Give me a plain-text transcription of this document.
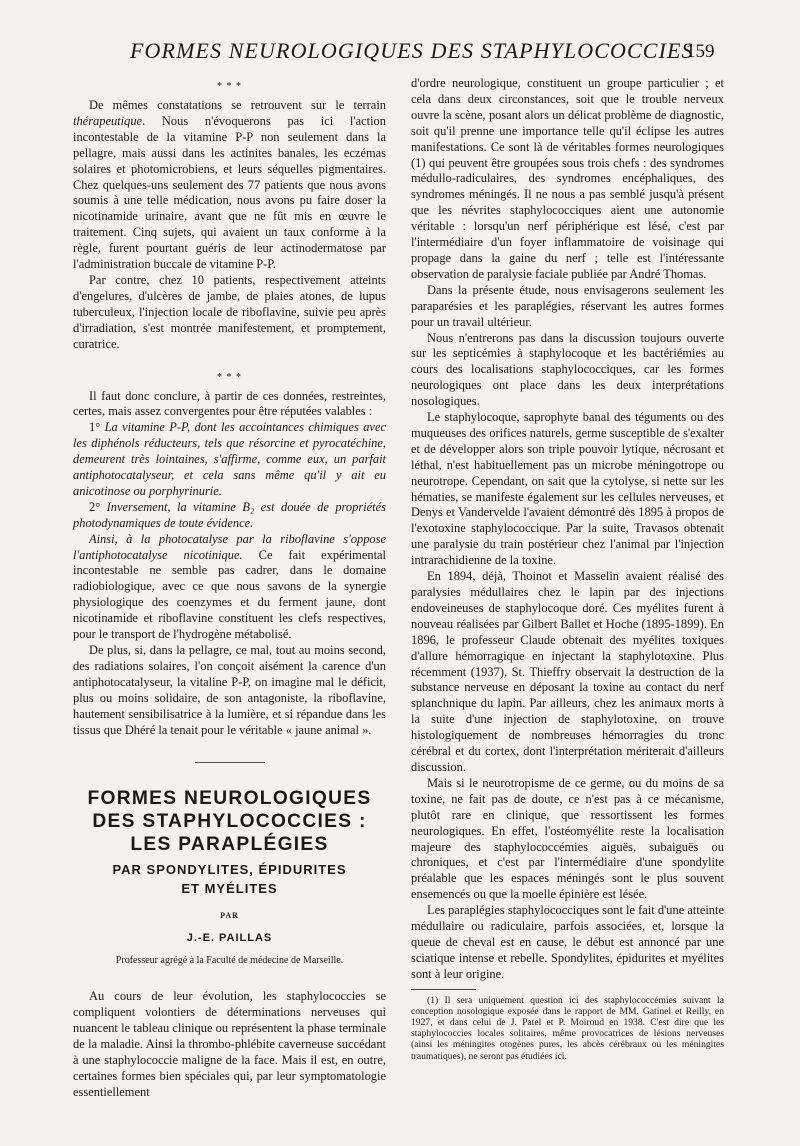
FORMES NEUROLOGIQUES DES STAPHYLOCOCCIES
159
* * *

De mêmes constatations se retrouvent sur le terrain thérapeutique. Nous n'évoquerons pas ici l'action incontestable de la vitamine P-P non seulement dans la pellagre, mais aussi dans les actinites banales, les eczémas solaires et photomicrobiens, et leurs séquelles pigmentaires. Chez quelques-uns seulement des 77 patients que nous avons soumis à une telle médication, nous avons pu faire doser la nicotinamide urinaire, avant que ne fût mis en œuvre le traitement. Cinq sujets, qui avaient un taux conforme à la règle, furent pourtant guéris de leur actinodermatose par l'administration buccale de vitamine P-P.

Par contre, chez 10 patients, respectivement atteints d'engelures, d'ulcères de jambe, de plaies atones, de lupus tuberculeux, l'injection locale de riboflavine, suivie peu après d'irradiation, s'est montrée manifestement, et promptement, curatrice.

* * *

Il faut donc conclure, à partir de ces données, restreintes, certes, mais assez convergentes pour être réputées valables :

1° La vitamine P-P, dont les accointances chimiques avec les diphénols réducteurs, tels que résorcine et pyrocatéchine, demeurent très lointaines, s'affirme, comme eux, un parfait antiphotocatalyseur, et cela sans même qu'il y ait eu anicotinose ou porphyrinurie.

2° Inversement, la vitamine B₂ est douée de propriétés photodynamiques de toute évidence.

Ainsi, à la photocatalyse par la riboflavine s'oppose l'antiphotocatalyse nicotinique. Ce fait expérimental incontestable ne semble pas cadrer, dans le domaine radiobiologique, avec ce que nous savons de la synergie physiologique des coenzymes et du ferment jaune, dont nicotinamide et riboflavine constituent les clefs respectives, pour le transport de l'hydrogène métabolisé.

De plus, si, dans la pellagre, ce mal, tout au moins second, des radiations solaires, l'on conçoit aisément la carence d'un antiphotocatalyseur, la vitaline P-P, on imagine mal le déficit, plus ou moins solidaire, de son antagoniste, la riboflavine, hautement sensibilisatrice à la lumière, et si répandue dans les tissus que Dhéré la tenait pour le véritable « jaune animal ».

FORMES NEUROLOGIQUES
DES STAPHYLOCOCCIES :
LES PARAPLÉGIES
PAR SPONDYLITES, ÉPIDURITES
ET MYÉLITES
PAR
J.-E. PAILLAS
Professeur agrégé à la Faculté de médecine de Marseille.

Au cours de leur évolution, les staphylococcies se compliquent volontiers de déterminations nerveuses qui nuancent le tableau clinique ou représentent la phase terminale de la maladie. Ainsi la thrombo-phlébite caverneuse succédant à une staphylococcie maligne de la face. Mais il est, en outre, certaines formes bien spéciales qui, par leur symptomatologie essentiellement

d'ordre neurologique, constituent un groupe particulier ; et cela dans deux circonstances, soit que le trouble nerveux ouvre la scène, posant alors un délicat problème de diagnostic, soit qu'il prenne une importance telle qu'il éclipse les autres manifestations. Ce sont là de véritables formes neurologiques (1) qui peuvent être groupées sous trois chefs : des syndromes médullo-radiculaires, des syndromes encéphaliques, des syndromes méningés. Il ne nous a pas semblé jusqu'à présent que les névrites staphylococciques aient une autonomie véritable : lorsqu'un nerf périphérique est lésé, c'est par l'intermédiaire d'un foyer inflammatoire de voisinage qui propage dans la gaine du nerf ; telle est l'intéressante observation de paralysie faciale publiée par André Thomas.

Dans la présente étude, nous envisagerons seulement les paraparésies et les paraplégies, réservant les autres formes pour un travail ultérieur.

Nous n'entrerons pas dans la discussion toujours ouverte sur les septicémies à staphylocoque et les bactériémies au cours des localisations staphylococciques, car les formes neurologiques ont place dans les deux interprétations nosologiques.

Le staphylocoque, saprophyte banal des téguments ou des muqueuses des orifices naturels, germe susceptible de s'exalter et de développer alors son triple pouvoir lytique, nécrosant et léthal, n'est habituellement pas un microbe méningotrope ou neurotrope. Cependant, on sait que la cytolyse, si nette sur les hématies, se manifeste également sur les cellules nerveuses, et Denys et Vandervelde l'avaient démontré dès 1895 à propos de l'exotoxine staphylococcique. Par la suite, Travasos obtenait une paralysie du train postérieur chez l'animal par l'injection intrarachidienne de la toxine.

En 1894, déjà, Thoinot et Masselin avaient réalisé des paralysies médullaires chez le lapin par des injections endoveineuses de staphylocoque doré. Ces myélites furent à nouveau réalisées par Gilbert Ballet et Hoche (1895-1899). En 1896, le professeur Claude obtenait des myélites toxiques d'allure hémorragique en injectant la staphylotoxine. Plus récemment (1937), St. Thieffry observait la destruction de la substance nerveuse en déposant la toxine au contact du nerf splanchnique du lapin. Par ailleurs, chez les animaux morts à la suite d'une injection de staphylotoxine, on trouve histologiquement de nombreuses hémorragies du tronc cérébral et du cortex, dont l'interprétation mériterait d'ailleurs discussion.

Mais si le neurotropisme de ce germe, ou du moins de sa toxine, ne fait pas de doute, ce n'est pas à ce mécanisme, plutôt rare en clinique, que ressortissent les formes neurologiques. En effet, l'ostéomyélite reste la localisation majeure des staphylococcémies aiguës, subaiguës ou chroniques, et c'est par l'intermédiaire d'une spondylite préalable que les espaces méningés sont le plus souvent ensemencés ou que la moelle épinière est lésée.

Les paraplégies staphylococciques sont le fait d'une atteinte médullaire ou radiculaire, parfois associées, et, lorsque la queue de cheval est en cause, le début est annoncé par une sciatique intense et rebelle. Spondylites, épidurites et myélites sont à leur origine.

(1) Il sera uniquement question ici des staphylococcémies suivant la conception nosologique exposée dans le rapport de MM. Gatinel et Reilly, en 1927, et dans celui de J. Patel et P. Moiroud en 1938. C'est dire que les staphylococcies locales solitaires, même provocatrices de lésions nerveuses (ainsi les méningites otogènes pures, les abcès cérébraux ou les méningites traumatiques), ne seront pas étudiées ici.
